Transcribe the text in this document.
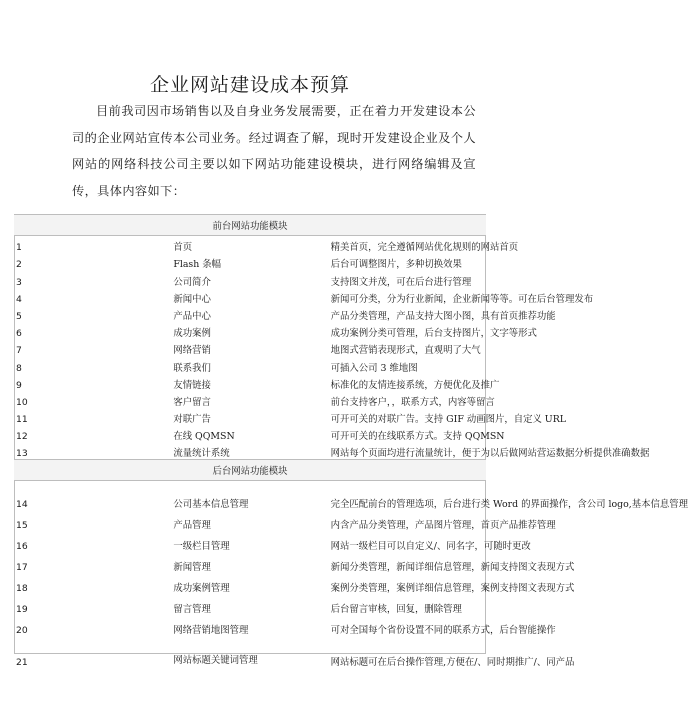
企业网站建设成本预算

目前我司因市场销售以及自身业务发展需要，正在着力开发建设本公司的企业网站宣传本公司业务。经过调查了解，现时开发建设企业及个人网站的网络科技公司主要以如下网站功能建设模块，进行网络编辑及宣传，具体内容如下：

前台网站功能模块		
1	首页	精美首页，完全遵循网站优化规则的网站首页
2	Flash 条幅	后台可调整图片，多种切换效果
3	公司简介	支持图文并茂，可在后台进行管理
4	新闻中心	新闻可分类，分为行业新闻，企业新闻等等。可在后台管理发布
5	产品中心	产品分类管理，产品支持大图小图，具有首页推荐功能
6	成功案例	成功案例分类可管理，后台支持图片，文字等形式
7	网络营销	地图式营销表现形式，直观明了大气
8	联系我们	可插入公司 3 维地图
9	友情链接	标准化的友情连接系统，方便优化及推广
10	客户留言	前台支持客户，，联系方式，内容等留言
11	对联广告	可开可关的对联广告。支持 GIF 动画图片，自定义 URL
12	在线 QQMSN	可开可关的在线联系方式。支持 QQMSN
13	流量统计系统	网站每个页面均进行流量统计，便于为以后做网站营运数据分析提供准确数据
后台网站功能模块		

14	公司基本信息管理	完全匹配前台的管理选项，后台进行类 Word 的界面操作，含公司 logo,基本信息管理
15	产品管理	内含产品分类管理，产品图片管理，首页产品推荐管理
16	一级栏目管理	网站一级栏目可以自定义/、同名字，可随时更改
17	新闻管理	新闻分类管理，新闻详细信息管理，新闻支持图文表现方式
18	成功案例管理	案例分类管理，案例详细信息管理，案例支持图文表现方式
19	留言管理	后台留言审核，回复，删除管理
20	网络营销地图管理	可对全国每个省份设置不同的联系方式，后台智能操作
21	网站标题关键词管理	网站标题可在后台操作管理,方便在/、同时期推广/、同产品
